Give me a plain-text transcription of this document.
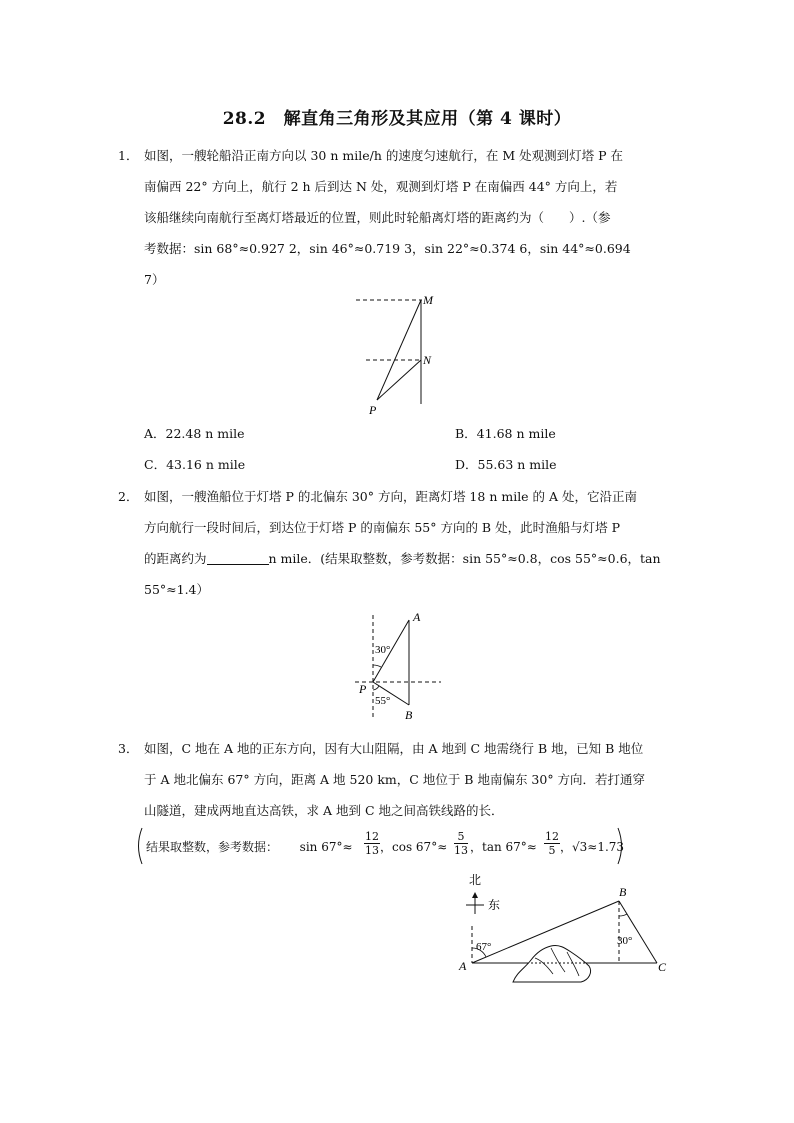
28.2　解直角三角形及其应用（第 4 课时）
1． 如图，一艘轮船沿正南方向以 30 n mile/h 的速度匀速航行，在 M 处观测到灯塔 P 在
南偏西 22° 方向上，航行 2 h 后到达 N 处，观测到灯塔 P 在南偏西 44° 方向上，若
该船继续向南航行至离灯塔最近的位置，则此时轮船离灯塔的距离约为（　　）.（参
考数据：sin 68°≈0.927 2，sin 46°≈0.719 3，sin 22°≈0.374 6，sin 44°≈0.694
7）
M
N
P
A．22.48 n mile	B．41.68 n mile
C．43.16 n mile	D．55.63 n mile
2． 如图，一艘渔船位于灯塔 P 的北偏东 30° 方向，距离灯塔 18 n mile 的 A 处，它沿正南
方向航行一段时间后，到达位于灯塔 P 的南偏东 55° 方向的 B 处，此时渔船与灯塔 P
的距离约为	n mile．(结果取整数，参考数据：sin 55°≈0.8，cos 55°≈0.6，tan
55°≈1.4）
A
B
P
30°
55°
3． 如图，C 地在 A 地的正东方向，因有大山阻隔，由 A 地到 C 地需绕行 B 地，已知 B 地位
于 A 地北偏东 67° 方向，距离 A 地 520 km，C 地位于 B 地南偏东 30° 方向．若打通穿
山隧道，建成两地直达高铁，求 A 地到 C 地之间高铁线路的长．
结果取整数，参考数据： $\sin 67^\circ\approx \frac{12}{13}$ ，$\cos 67^\circ\approx \frac{5}{13}$ ，$\tan 67^\circ\approx \frac{12}{5}$ ，√3≈1.73
北
东
A
B
C
67°	30°
